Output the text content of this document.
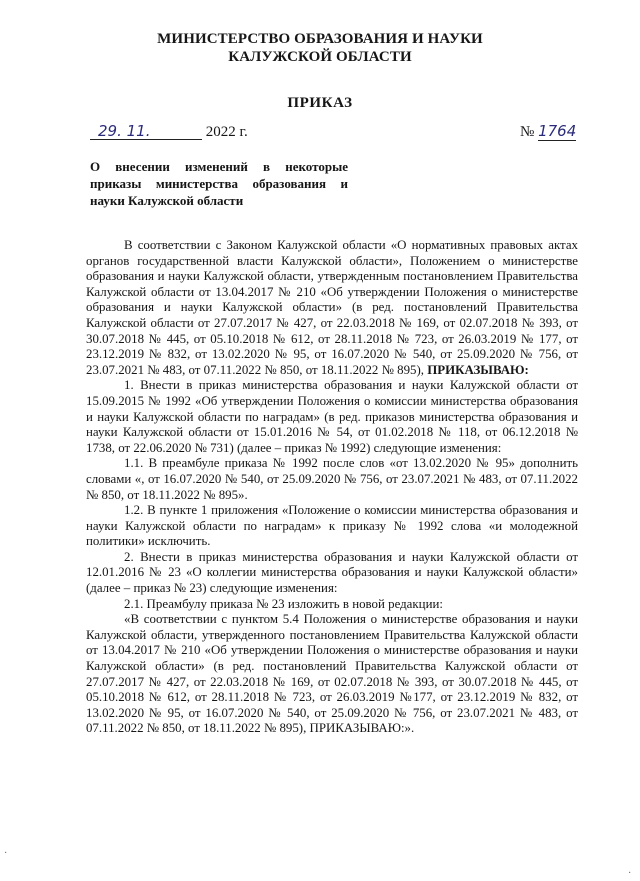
МИНИСТЕРСТВО ОБРАЗОВАНИЯ И НАУКИ
КАЛУЖСКОЙ ОБЛАСТИ
ПРИКАЗ
29. 11.	2022 г.	№ 1764
О внесении изменений в некоторые приказы министерства образования и науки Калужской области

В соответствии с Законом Калужской области «О нормативных правовых актах органов государственной власти Калужской области», Положением о министерстве образования и науки Калужской области, утвержденным постановлением Правительства Калужской области от 13.04.2017 № 210 «Об утверждении Положения о министерстве образования и науки Калужской области» (в ред. постановлений Правительства Калужской области от 27.07.2017 № 427, от 22.03.2018 № 169, от 02.07.2018 № 393, от 30.07.2018 № 445, от 05.10.2018 № 612, от 28.11.2018 № 723, от 26.03.2019 № 177, от 23.12.2019 № 832, от 13.02.2020 № 95, от 16.07.2020 № 540, от 25.09.2020 № 756, от 23.07.2021 № 483, от 07.11.2022 № 850, от 18.11.2022 № 895), ПРИКАЗЫВАЮ:

1. Внести в приказ министерства образования и науки Калужской области от 15.09.2015 № 1992 «Об утверждении Положения о комиссии министерства образования и науки Калужской области по наградам» (в ред. приказов министерства образования и науки Калужской области от 15.01.2016 № 54, от 01.02.2018 № 118, от 06.12.2018 № 1738, от 22.06.2020 № 731) (далее – приказ № 1992) следующие изменения:

1.1. В преамбуле приказа № 1992 после слов «от 13.02.2020 № 95» дополнить словами «, от 16.07.2020 № 540, от 25.09.2020 № 756, от 23.07.2021 № 483, от 07.11.2022 № 850, от 18.11.2022 № 895».

1.2. В пункте 1 приложения «Положение о комиссии министерства образования и науки Калужской области по наградам» к приказу № 1992 слова «и молодежной политики» исключить.

2. Внести в приказ министерства образования и науки Калужской области от 12.01.2016 № 23 «О коллегии министерства образования и науки Калужской области» (далее – приказ № 23) следующие изменения:

2.1. Преамбулу приказа № 23 изложить в новой редакции:

«В соответствии с пунктом 5.4 Положения о министерстве образования и науки Калужской области, утвержденного постановлением Правительства Калужской области от 13.04.2017 № 210 «Об утверждении Положения о министерстве образования и науки Калужской области» (в ред. постановлений Правительства Калужской области от 27.07.2017 № 427, от 22.03.2018 № 169, от 02.07.2018 № 393, от 30.07.2018 № 445, от 05.10.2018 № 612, от 28.11.2018 № 723, от 26.03.2019 №177, от 23.12.2019 № 832, от 13.02.2020 № 95, от 16.07.2020 № 540, от 25.09.2020 № 756, от 23.07.2021 № 483, от 07.11.2022 № 850, от 18.11.2022 № 895), ПРИКАЗЫВАЮ:».

·
·
